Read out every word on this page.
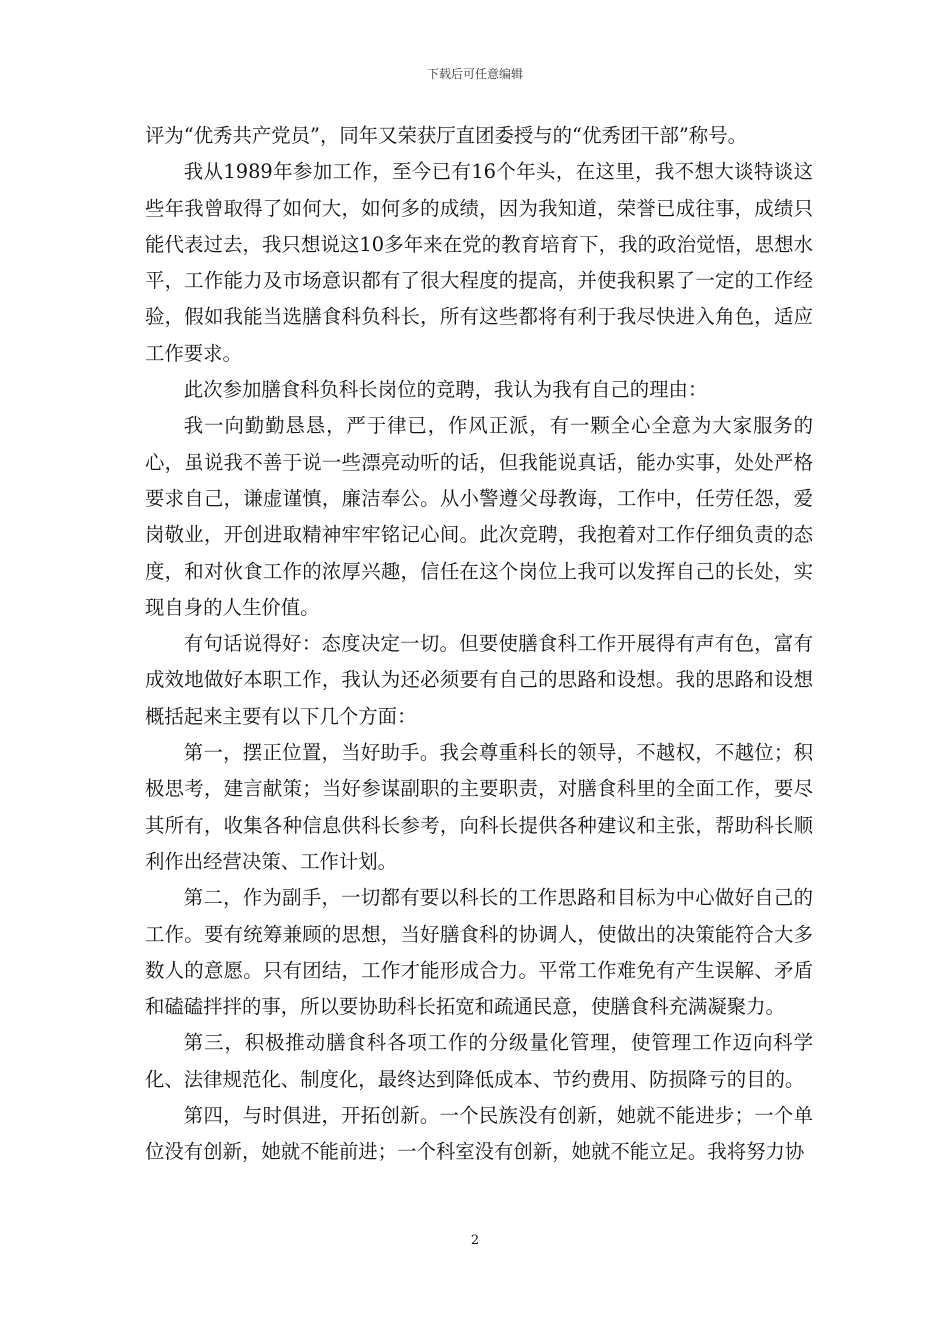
下载后可任意编辑

评为“优秀共产党员”，同年又荣获厅直团委授与的“优秀团干部”称号。

我从1989年参加工作，至今已有16个年头，在这里，我不想大谈特谈这些年我曾取得了如何大，如何多的成绩，因为我知道，荣誉已成往事，成绩只能代表过去，我只想说这10多年来在党的教育培育下，我的政治觉悟，思想水平，工作能力及市场意识都有了很大程度的提高，并使我积累了一定的工作经验，假如我能当选膳食科负科长，所有这些都将有利于我尽快进入角色，适应工作要求。

此次参加膳食科负科长岗位的竞聘，我认为我有自己的理由：

我一向勤勤恳恳，严于律已，作风正派，有一颗全心全意为大家服务的心，虽说我不善于说一些漂亮动听的话，但我能说真话，能办实事，处处严格要求自己，谦虚谨慎，廉洁奉公。从小警遵父母教诲，工作中，任劳任怨，爱岗敬业，开创进取精神牢牢铭记心间。此次竞聘，我抱着对工作仔细负责的态度，和对伙食工作的浓厚兴趣，信任在这个岗位上我可以发挥自己的长处，实现自身的人生价值。

有句话说得好：态度决定一切。但要使膳食科工作开展得有声有色，富有成效地做好本职工作，我认为还必须要有自己的思路和设想。我的思路和设想概括起来主要有以下几个方面：

第一，摆正位置，当好助手。我会尊重科长的领导，不越权，不越位；积极思考，建言献策；当好参谋副职的主要职责，对膳食科里的全面工作，要尽其所有，收集各种信息供科长参考，向科长提供各种建议和主张，帮助科长顺利作出经营决策、工作计划。

第二，作为副手，一切都有要以科长的工作思路和目标为中心做好自己的工作。要有统筹兼顾的思想，当好膳食科的协调人，使做出的决策能符合大多数人的意愿。只有团结，工作才能形成合力。平常工作难免有产生误解、矛盾和磕磕拌拌的事，所以要协助科长拓宽和疏通民意，使膳食科充满凝聚力。

第三，积极推动膳食科各项工作的分级量化管理，使管理工作迈向科学化、法律规范化、制度化，最终达到降低成本、节约费用、防损降亏的目的。

第四，与时俱进，开拓创新。一个民族没有创新，她就不能进步；一个单位没有创新，她就不能前进；一个科室没有创新，她就不能立足。我将努力协

2
